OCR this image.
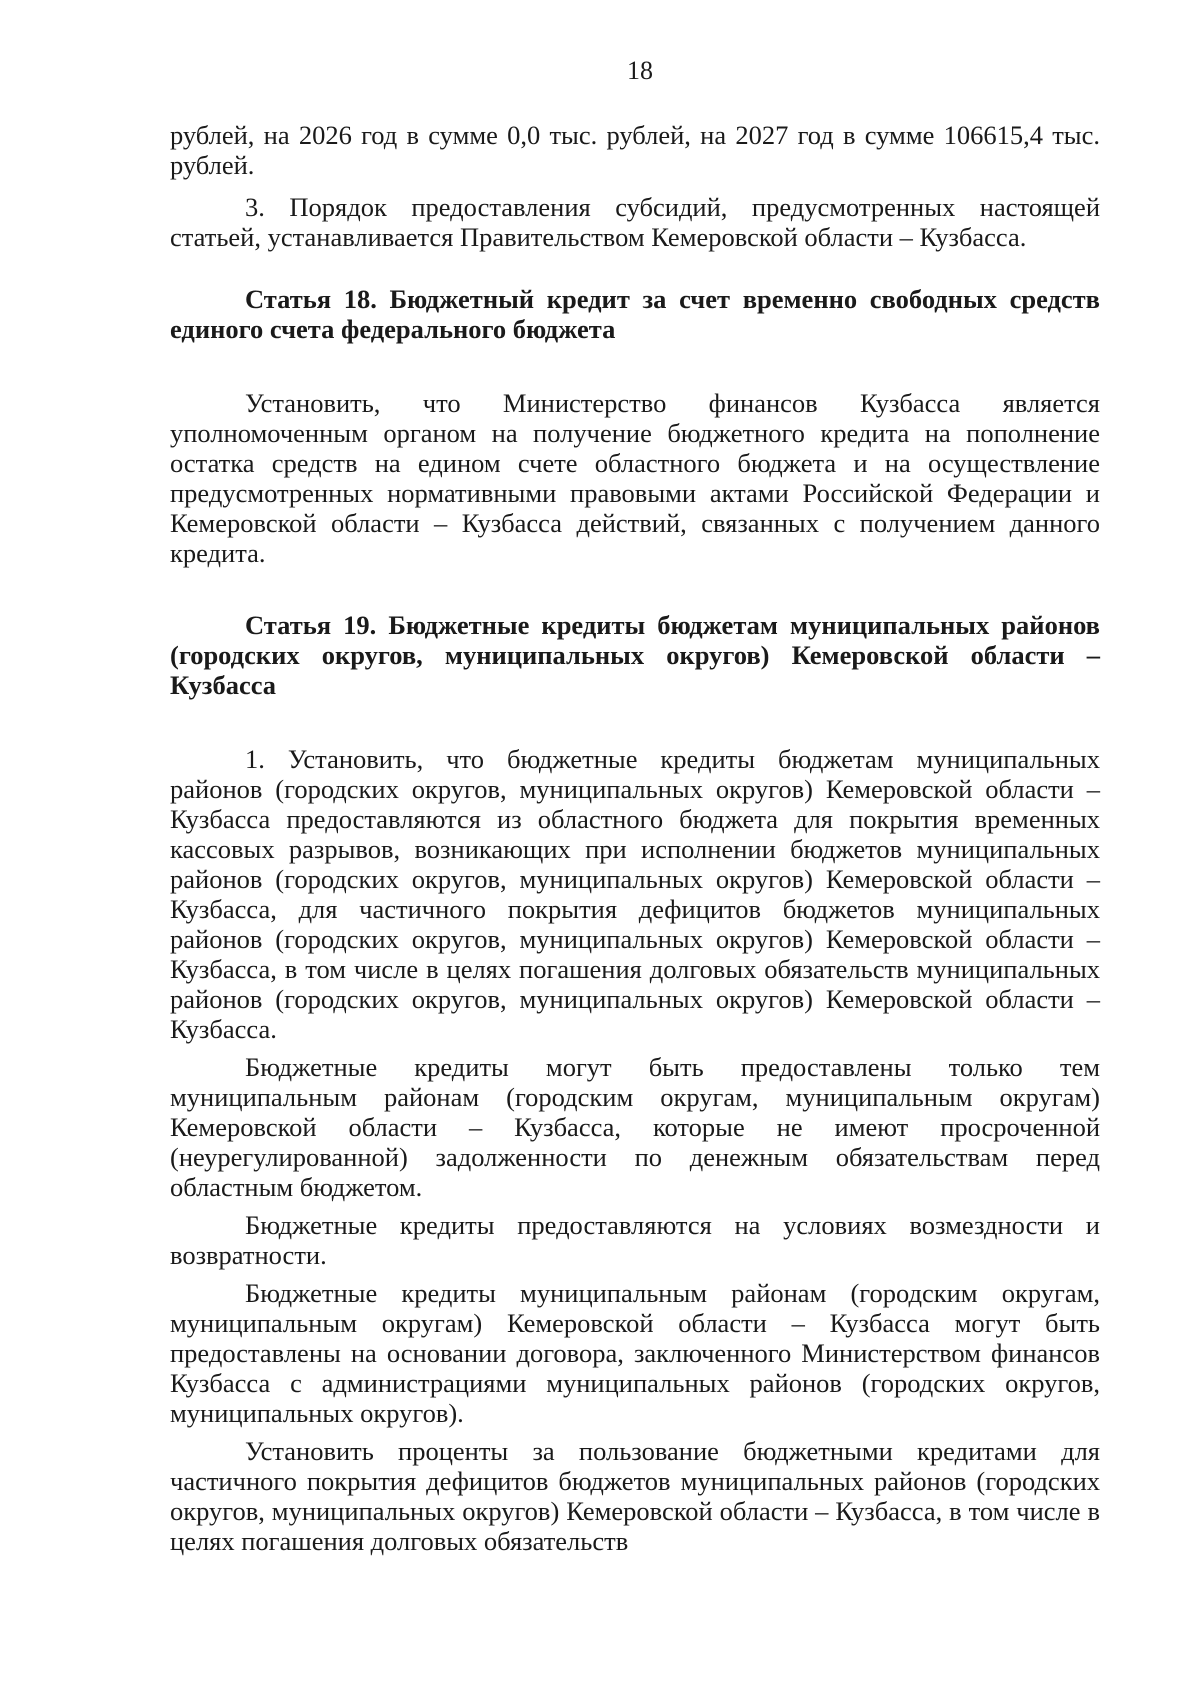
18

рублей, на 2026 год в сумме 0,0 тыс. рублей, на 2027 год в сумме 106615,4 тыс. рублей.

3. Порядок предоставления субсидий, предусмотренных настоящей статьей, устанавливается Правительством Кемеровской области – Кузбасса.

Статья 18. Бюджетный кредит за счет временно свободных средств единого счета федерального бюджета

Установить, что Министерство финансов Кузбасса является уполномоченным органом на получение бюджетного кредита на пополнение остатка средств на едином счете областного бюджета и на осуществление предусмотренных нормативными правовыми актами Российской Федерации и Кемеровской области – Кузбасса действий, связанных с получением данного кредита.

Статья 19. Бюджетные кредиты бюджетам муниципальных районов (городских округов, муниципальных округов) Кемеровской области – Кузбасса

1. Установить, что бюджетные кредиты бюджетам муниципальных районов (городских округов, муниципальных округов) Кемеровской области – Кузбасса предоставляются из областного бюджета для покрытия временных кассовых разрывов, возникающих при исполнении бюджетов муниципальных районов (городских округов, муниципальных округов) Кемеровской области – Кузбасса, для частичного покрытия дефицитов бюджетов муниципальных районов (городских округов, муниципальных округов) Кемеровской области – Кузбасса, в том числе в целях погашения долговых обязательств муниципальных районов (городских округов, муниципальных округов) Кемеровской области – Кузбасса.

Бюджетные кредиты могут быть предоставлены только тем муниципальным районам (городским округам, муниципальным округам) Кемеровской области – Кузбасса, которые не имеют просроченной (неурегулированной) задолженности по денежным обязательствам перед областным бюджетом.

Бюджетные кредиты предоставляются на условиях возмездности и возвратности.

Бюджетные кредиты муниципальным районам (городским округам, муниципальным округам) Кемеровской области – Кузбасса могут быть предоставлены на основании договора, заключенного Министерством финансов Кузбасса с администрациями муниципальных районов (городских округов, муниципальных округов).

Установить проценты за пользование бюджетными кредитами для частичного покрытия дефицитов бюджетов муниципальных районов (городских округов, муниципальных округов) Кемеровской области – Кузбасса, в том числе в целях погашения долговых обязательств
